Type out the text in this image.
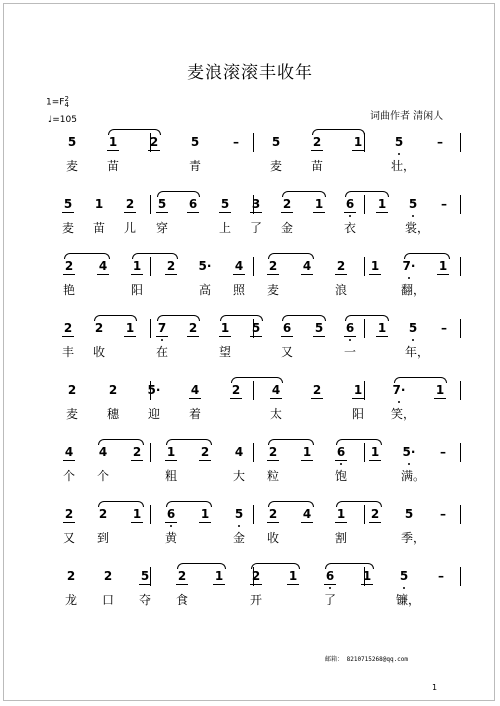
麦浪滚滚丰收年
1=F2
4
♩=105	词曲作者 清闲人
5	1	2	5	–	5	2	1	5	–
麦 苗	青	麦 苗	壮，
5 1 2 5 6 5 3 2 1 6 1 5	–
麦 苗 儿 穿	上 了 金	衣	裳，
2 4 1 2 5· 4 2 4 2 1 7· 1
艳	阳	高 照 麦	浪	翻，
2 2 1 7 2 1 5 6 5 6 1 5	–
丰 收	在	望	又	一	年，
2	2	5·	4	2	4	2	1	7·	1
麦 穗 迎 着	太	阳 笑，
4 4 2 1 2 4 2 1 6 1 5·	–
个 个	粗	大 粒	饱	满。
2 2 1 6 1 5 2 4 1 2 5	–
又 到	黄	金 收	割	季，
2 2 5 2 1 2 1 6 1 5	–
龙 口 夺 食	开	了	镰，
邮箱： 8210715268@qq.com
1
